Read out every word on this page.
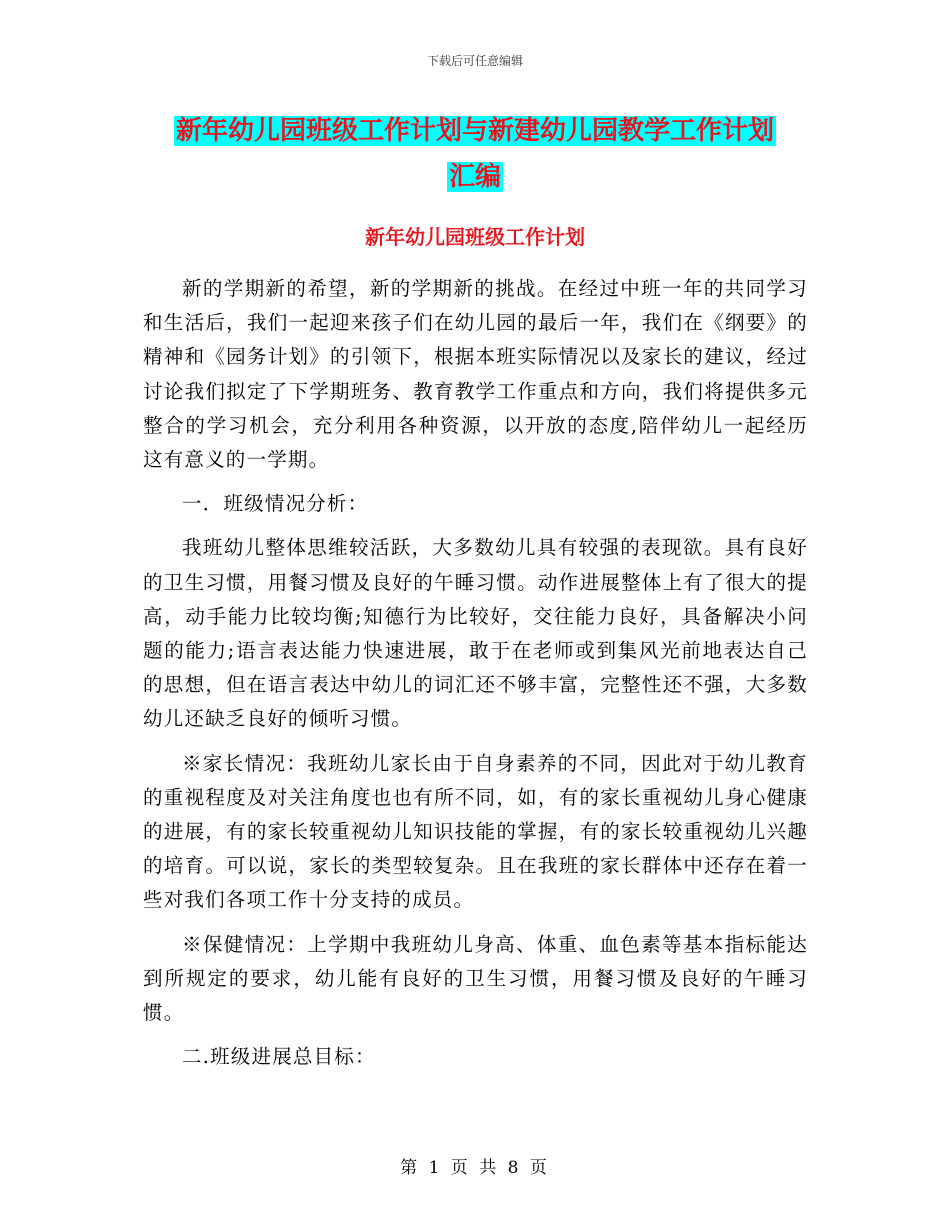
下载后可任意编辑
新年幼儿园班级工作计划与新建幼儿园教学工作计划
汇编
新年幼儿园班级工作计划

新的学期新的希望，新的学期新的挑战。在经过中班一年的共同学习和生活后，我们一起迎来孩子们在幼儿园的最后一年，我们在《纲要》的精神和《园务计划》的引领下，根据本班实际情况以及家长的建议，经过讨论我们拟定了下学期班务、教育教学工作重点和方向，我们将提供多元整合的学习机会，充分利用各种资源，以开放的态度,陪伴幼儿一起经历这有意义的一学期。

一．班级情况分析：

我班幼儿整体思维较活跃，大多数幼儿具有较强的表现欲。具有良好的卫生习惯，用餐习惯及良好的午睡习惯。动作进展整体上有了很大的提高，动手能力比较均衡;知德行为比较好，交往能力良好，具备解决小问题的能力;语言表达能力快速进展，敢于在老师或到集风光前地表达自己的思想，但在语言表达中幼儿的词汇还不够丰富，完整性还不强，大多数幼儿还缺乏良好的倾听习惯。

※家长情况：我班幼儿家长由于自身素养的不同，因此对于幼儿教育的重视程度及对关注角度也也有所不同，如，有的家长重视幼儿身心健康的进展，有的家长较重视幼儿知识技能的掌握，有的家长较重视幼儿兴趣的培育。可以说，家长的类型较复杂。且在我班的家长群体中还存在着一些对我们各项工作十分支持的成员。

※保健情况：上学期中我班幼儿身高、体重、血色素等基本指标能达到所规定的要求，幼儿能有良好的卫生习惯，用餐习惯及良好的午睡习惯。

二.班级进展总目标：

第 1 页 共 8 页
